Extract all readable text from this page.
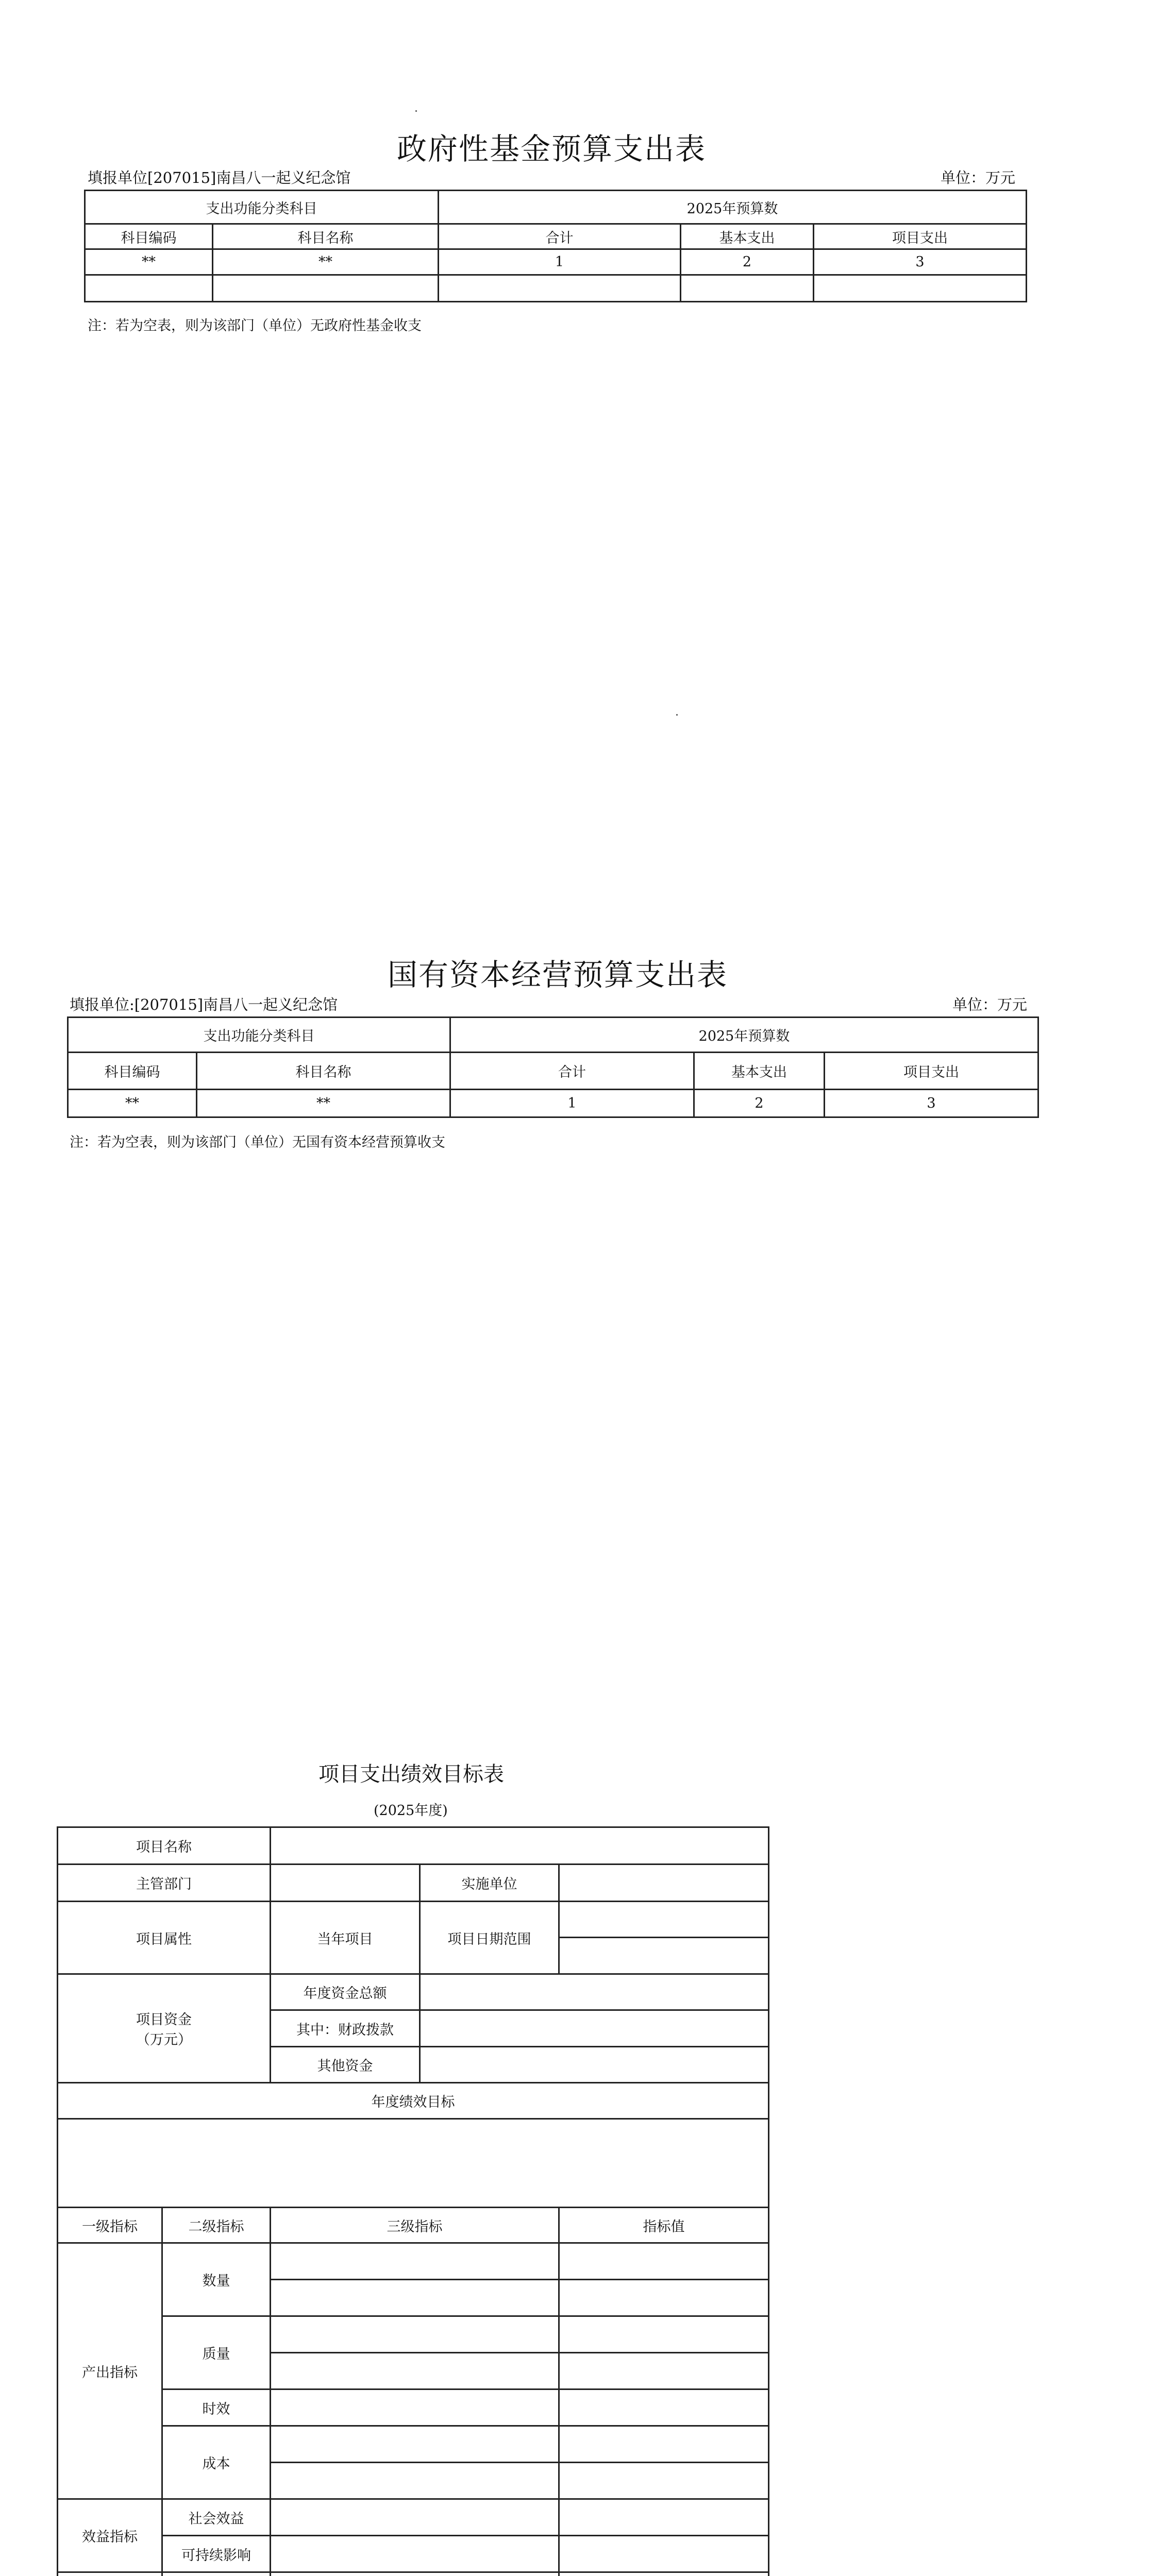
政府性基金预算支出表
填报单位[207015]南昌八一起义纪念馆	单位：万元
支出功能分类科目		2025年预算数		
科目编码	科目名称	合计	基本支出	项目支出
**	**	1	2	3

注：若为空表，则为该部门（单位）无政府性基金收支
国有资本经营预算支出表
填报单位:[207015]南昌八一起义纪念馆	单位：万元
支出功能分类科目		2025年预算数		
科目编码	科目名称	合计	基本支出	项目支出
**	**	1	2	3
注：若为空表，则为该部门（单位）无国有资本经营预算收支
项目支出绩效目标表
(2025年度)
项目名称				
主管部门			实施单位	
项目属性		当年项目	项目日期范围	

项目资金
（万元）		年度资金总额		
		其中：财政拨款		
		其他资金		
年度绩效目标				

一级指标	二级指标	三级指标		指标值
产出指标	数量			

	质量			

	时效			
	成本			

效益指标	社会效益			
	可持续影响			
